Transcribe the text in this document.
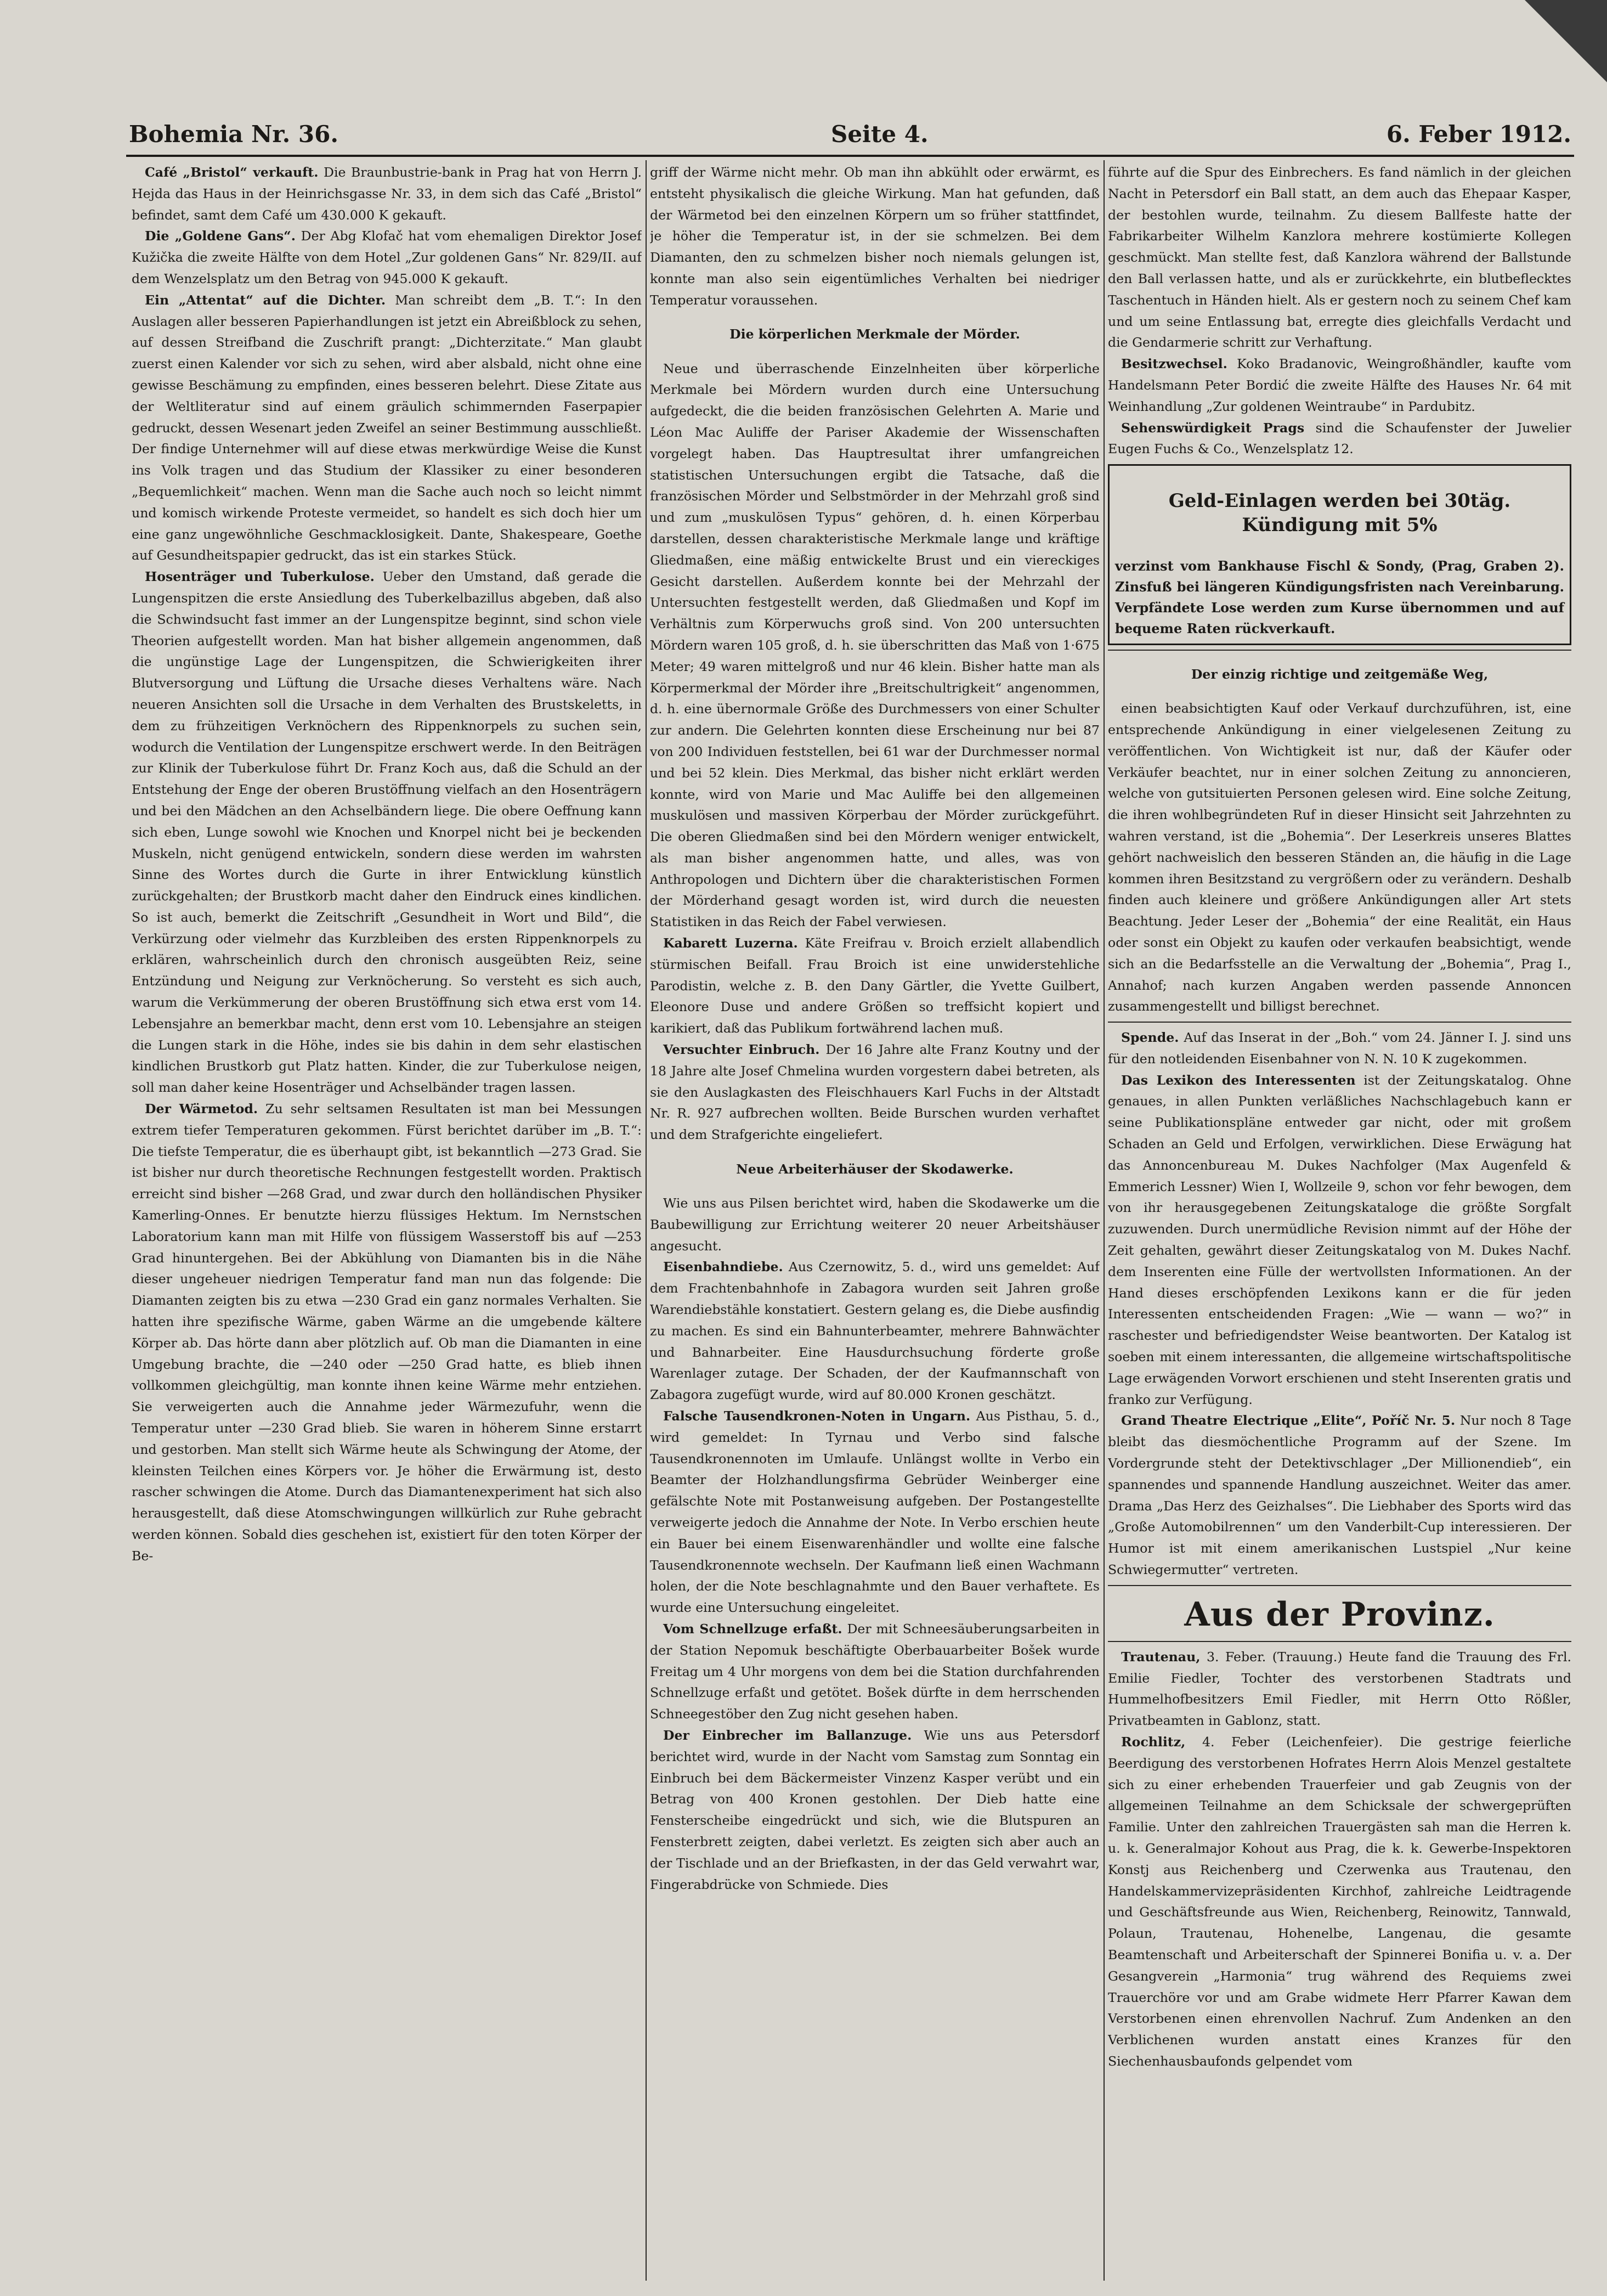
Bohemia Nr. 36.	Seite 4.	6. Feber 1912.

Café „Bristol“ verkauft. Die Braunbustrie-bank in Prag hat von Herrn J. Hejda das Haus in der Heinrichsgasse Nr. 33, in dem sich das Café „Bristol“ befindet, samt dem Café um 430.000 K gekauft.

Die „Goldene Gans“. Der Abg Klofač hat vom ehemaligen Direktor Josef Kužička die zweite Hälfte von dem Hotel „Zur goldenen Gans“ Nr. 829/II. auf dem Wenzelsplatz um den Betrag von 945.000 K gekauft.

Ein „Attentat“ auf die Dichter. Man schreibt dem „B. T.“: In den Auslagen aller besseren Papierhandlungen ist jetzt ein Abreißblock zu sehen, auf dessen Streifband die Zuschrift prangt: „Dichterzitate.“ Man glaubt zuerst einen Kalender vor sich zu sehen, wird aber alsbald, nicht ohne eine gewisse Beschämung zu empfinden, eines besseren belehrt. Diese Zitate aus der Weltliteratur sind auf einem gräulich schimmernden Faserpapier gedruckt, dessen Wesenart jeden Zweifel an seiner Bestimmung ausschließt. Der findige Unternehmer will auf diese etwas merkwürdige Weise die Kunst ins Volk tragen und das Studium der Klassiker zu einer besonderen „Bequemlichkeit“ machen. Wenn man die Sache auch noch so leicht nimmt und komisch wirkende Proteste vermeidet, so handelt es sich doch hier um eine ganz ungewöhnliche Geschmacklosigkeit. Dante, Shakespeare, Goethe auf Gesundheitspapier gedruckt, das ist ein starkes Stück.

Hosenträger und Tuberkulose. Ueber den Umstand, daß gerade die Lungenspitzen die erste Ansiedlung des Tuberkelbazillus abgeben, daß also die Schwindsucht fast immer an der Lungenspitze beginnt, sind schon viele Theorien aufgestellt worden. Man hat bisher allgemein angenommen, daß die ungünstige Lage der Lungenspitzen, die Schwierigkeiten ihrer Blutversorgung und Lüftung die Ursache dieses Verhaltens wäre. Nach neueren Ansichten soll die Ursache in dem Verhalten des Brustskeletts, in dem zu frühzeitigen Verknöchern des Rippenknorpels zu suchen sein, wodurch die Ventilation der Lungenspitze erschwert werde. In den Beiträgen zur Klinik der Tuberkulose führt Dr. Franz Koch aus, daß die Schuld an der Entstehung der Enge der oberen Brustöffnung vielfach an den Hosenträgern und bei den Mädchen an den Achselbändern liege. Die obere Oeffnung kann sich eben, Lunge sowohl wie Knochen und Knorpel nicht bei je beckenden Muskeln, nicht genügend entwickeln, sondern diese werden im wahrsten Sinne des Wortes durch die Gurte in ihrer Entwicklung künstlich zurückgehalten; der Brustkorb macht daher den Eindruck eines kindlichen. So ist auch, bemerkt die Zeitschrift „Gesundheit in Wort und Bild“, die Verkürzung oder vielmehr das Kurzbleiben des ersten Rippenknorpels zu erklären, wahrscheinlich durch den chronisch ausgeübten Reiz, seine Entzündung und Neigung zur Verknöcherung. So versteht es sich auch, warum die Verkümmerung der oberen Brustöffnung sich etwa erst vom 14. Lebensjahre an bemerkbar macht, denn erst vom 10. Lebensjahre an steigen die Lungen stark in die Höhe, indes sie bis dahin in dem sehr elastischen kindlichen Brustkorb gut Platz hatten. Kinder, die zur Tuberkulose neigen, soll man daher keine Hosenträger und Achselbänder tragen lassen.

Der Wärmetod. Zu sehr seltsamen Resultaten ist man bei Messungen extrem tiefer Temperaturen gekommen. Fürst berichtet darüber im „B. T.“: Die tiefste Temperatur, die es überhaupt gibt, ist bekanntlich —273 Grad. Sie ist bisher nur durch theoretische Rechnungen festgestellt worden. Praktisch erreicht sind bisher —268 Grad, und zwar durch den holländischen Physiker Kamerling-Onnes. Er benutzte hierzu flüssiges Hektum. Im Nernstschen Laboratorium kann man mit Hilfe von flüssigem Wasserstoff bis auf —253 Grad hinuntergehen. Bei der Abkühlung von Diamanten bis in die Nähe dieser ungeheuer niedrigen Temperatur fand man nun das folgende: Die Diamanten zeigten bis zu etwa —230 Grad ein ganz normales Verhalten. Sie hatten ihre spezifische Wärme, gaben Wärme an die umgebende kältere Körper ab. Das hörte dann aber plötzlich auf. Ob man die Diamanten in eine Umgebung brachte, die —240 oder —250 Grad hatte, es blieb ihnen vollkommen gleichgültig, man konnte ihnen keine Wärme mehr entziehen. Sie verweigerten auch die Annahme jeder Wärmezufuhr, wenn die Temperatur unter —230 Grad blieb. Sie waren in höherem Sinne erstarrt und gestorben. Man stellt sich Wärme heute als Schwingung der Atome, der kleinsten Teilchen eines Körpers vor. Je höher die Erwärmung ist, desto rascher schwingen die Atome. Durch das Diamantenexperiment hat sich also herausgestellt, daß diese Atomschwingungen willkürlich zur Ruhe gebracht werden können. Sobald dies geschehen ist, existiert für den toten Körper der Be-

griff der Wärme nicht mehr. Ob man ihn abkühlt oder erwärmt, es entsteht physikalisch die gleiche Wirkung. Man hat gefunden, daß der Wärmetod bei den einzelnen Körpern um so früher stattfindet, je höher die Temperatur ist, in der sie schmelzen. Bei dem Diamanten, den zu schmelzen bisher noch niemals gelungen ist, konnte man also sein eigentümliches Verhalten bei niedriger Temperatur voraussehen.

Die körperlichen Merkmale der Mörder.

Neue und überraschende Einzelnheiten über körperliche Merkmale bei Mördern wurden durch eine Untersuchung aufgedeckt, die die beiden französischen Gelehrten A. Marie und Léon Mac Auliffe der Pariser Akademie der Wissenschaften vorgelegt haben. Das Hauptresultat ihrer umfangreichen statistischen Untersuchungen ergibt die Tatsache, daß die französischen Mörder und Selbstmörder in der Mehrzahl groß sind und zum „muskulösen Typus“ gehören, d. h. einen Körperbau darstellen, dessen charakteristische Merkmale lange und kräftige Gliedmaßen, eine mäßig entwickelte Brust und ein viereckiges Gesicht darstellen. Außerdem konnte bei der Mehrzahl der Untersuchten festgestellt werden, daß Gliedmaßen und Kopf im Verhältnis zum Körperwuchs groß sind. Von 200 untersuchten Mördern waren 105 groß, d. h. sie überschritten das Maß von 1·675 Meter; 49 waren mittelgroß und nur 46 klein. Bisher hatte man als Körpermerkmal der Mörder ihre „Breitschultrigkeit“ angenommen, d. h. eine übernormale Größe des Durchmessers von einer Schulter zur andern. Die Gelehrten konnten diese Erscheinung nur bei 87 von 200 Individuen feststellen, bei 61 war der Durchmesser normal und bei 52 klein. Dies Merkmal, das bisher nicht erklärt werden konnte, wird von Marie und Mac Auliffe bei den allgemeinen muskulösen und massiven Körperbau der Mörder zurückgeführt. Die oberen Gliedmaßen sind bei den Mördern weniger entwickelt, als man bisher angenommen hatte, und alles, was von Anthropologen und Dichtern über die charakteristischen Formen der Mörderhand gesagt worden ist, wird durch die neuesten Statistiken in das Reich der Fabel verwiesen.

Kabarett Luzerna. Käte Freifrau v. Broich erzielt allabendlich stürmischen Beifall. Frau Broich ist eine unwiderstehliche Parodistin, welche z. B. den Dany Gärtler, die Yvette Guilbert, Eleonore Duse und andere Größen so treffsicht kopiert und karikiert, daß das Publikum fortwährend lachen muß.

Versuchter Einbruch. Der 16 Jahre alte Franz Koutny und der 18 Jahre alte Josef Chmelina wurden vorgestern dabei betreten, als sie den Auslagkasten des Fleischhauers Karl Fuchs in der Altstadt Nr. R. 927 aufbrechen wollten. Beide Burschen wurden verhaftet und dem Strafgerichte eingeliefert.

Neue Arbeiterhäuser der Skodawerke.

Wie uns aus Pilsen berichtet wird, haben die Skodawerke um die Baubewilligung zur Errichtung weiterer 20 neuer Arbeitshäuser angesucht.

Eisenbahndiebe. Aus Czernowitz, 5. d., wird uns gemeldet: Auf dem Frachtenbahnhofe in Zabagora wurden seit Jahren große Warendiebstähle konstatiert. Gestern gelang es, die Diebe ausfindig zu machen. Es sind ein Bahnunterbeamter, mehrere Bahnwächter und Bahnarbeiter. Eine Hausdurchsuchung förderte große Warenlager zutage. Der Schaden, der der Kaufmannschaft von Zabagora zugefügt wurde, wird auf 80.000 Kronen geschätzt.

Falsche Tausendkronen-Noten in Ungarn. Aus Pisthau, 5. d., wird gemeldet: In Tyrnau und Verbo sind falsche Tausendkronennoten im Umlaufe. Unlängst wollte in Verbo ein Beamter der Holzhandlungsfirma Gebrüder Weinberger eine gefälschte Note mit Postanweisung aufgeben. Der Postangestellte verweigerte jedoch die Annahme der Note. In Verbo erschien heute ein Bauer bei einem Eisenwarenhändler und wollte eine falsche Tausendkronennote wechseln. Der Kaufmann ließ einen Wachmann holen, der die Note beschlagnahmte und den Bauer verhaftete. Es wurde eine Untersuchung eingeleitet.

Vom Schnellzuge erfaßt. Der mit Schneesäuberungsarbeiten in der Station Nepomuk beschäftigte Oberbauarbeiter Bošek wurde Freitag um 4 Uhr morgens von dem bei die Station durchfahrenden Schnellzuge erfaßt und getötet. Bošek dürfte in dem herrschenden Schneegestöber den Zug nicht gesehen haben.

Der Einbrecher im Ballanzuge. Wie uns aus Petersdorf berichtet wird, wurde in der Nacht vom Samstag zum Sonntag ein Einbruch bei dem Bäckermeister Vinzenz Kasper verübt und ein Betrag von 400 Kronen gestohlen. Der Dieb hatte eine Fensterscheibe eingedrückt und sich, wie die Blutspuren an Fensterbrett zeigten, dabei verletzt. Es zeigten sich aber auch an der Tischlade und an der Briefkasten, in der das Geld verwahrt war, Fingerabdrücke von Schmiede. Dies

führte auf die Spur des Einbrechers. Es fand nämlich in der gleichen Nacht in Petersdorf ein Ball statt, an dem auch das Ehepaar Kasper, der bestohlen wurde, teilnahm. Zu diesem Ballfeste hatte der Fabrikarbeiter Wilhelm Kanzlora mehrere kostümierte Kollegen geschmückt. Man stellte fest, daß Kanzlora während der Ballstunde den Ball verlassen hatte, und als er zurückkehrte, ein blutbeflecktes Taschentuch in Händen hielt. Als er gestern noch zu seinem Chef kam und um seine Entlassung bat, erregte dies gleichfalls Verdacht und die Gendarmerie schritt zur Verhaftung.

Besitzwechsel. Koko Bradanovic, Weingroßhändler, kaufte vom Handelsmann Peter Bordić die zweite Hälfte des Hauses Nr. 64 mit Weinhandlung „Zur goldenen Weintraube“ in Pardubitz.

Sehenswürdigkeit Prags sind die Schaufenster der Juwelier Eugen Fuchs & Co., Wenzelsplatz 12.

Geld-Einlagen werden bei 30täg. Kündigung mit 5%

verzinst vom Bankhause Fischl & Sondy, (Prag, Graben 2). Zinsfuß bei längeren Kündigungsfristen nach Vereinbarung. Verpfändete Lose werden zum Kurse übernommen und auf bequeme Raten rückverkauft.

Der einzig richtige und zeitgemäße Weg,

einen beabsichtigten Kauf oder Verkauf durchzuführen, ist, eine entsprechende Ankündigung in einer vielgelesenen Zeitung zu veröffentlichen. Von Wichtigkeit ist nur, daß der Käufer oder Verkäufer beachtet, nur in einer solchen Zeitung zu annoncieren, welche von gutsituierten Personen gelesen wird. Eine solche Zeitung, die ihren wohlbegründeten Ruf in dieser Hinsicht seit Jahrzehnten zu wahren verstand, ist die „Bohemia“. Der Leserkreis unseres Blattes gehört nachweislich den besseren Ständen an, die häufig in die Lage kommen ihren Besitzstand zu vergrößern oder zu verändern. Deshalb finden auch kleinere und größere Ankündigungen aller Art stets Beachtung. Jeder Leser der „Bohemia“ der eine Realität, ein Haus oder sonst ein Objekt zu kaufen oder verkaufen beabsichtigt, wende sich an die Bedarfsstelle an die Verwaltung der „Bohemia“, Prag I., Annahof; nach kurzen Angaben werden passende Annoncen zusammengestellt und billigst berechnet.

Spende. Auf das Inserat in der „Boh.“ vom 24. Jänner I. J. sind uns für den notleidenden Eisenbahner von N. N. 10 K zugekommen.

Das Lexikon des Interessenten ist der Zeitungskatalog. Ohne genaues, in allen Punkten verläßliches Nachschlagebuch kann er seine Publikationspläne entweder gar nicht, oder mit großem Schaden an Geld und Erfolgen, verwirklichen. Diese Erwägung hat das Annoncenbureau M. Dukes Nachfolger (Max Augenfeld & Emmerich Lessner) Wien I, Wollzeile 9, schon vor fehr bewogen, dem von ihr herausgegebenen Zeitungskataloge die größte Sorgfalt zuzuwenden. Durch unermüdliche Revision nimmt auf der Höhe der Zeit gehalten, gewährt dieser Zeitungskatalog von M. Dukes Nachf. dem Inserenten eine Fülle der wertvollsten Informationen. An der Hand dieses erschöpfenden Lexikons kann er die für jeden Interessenten entscheidenden Fragen: „Wie — wann — wo?“ in raschester und befriedigendster Weise beantworten. Der Katalog ist soeben mit einem interessanten, die allgemeine wirtschaftspolitische Lage erwägenden Vorwort erschienen und steht Inserenten gratis und franko zur Verfügung.

Grand Theatre Electrique „Elite“, Poříč Nr. 5. Nur noch 8 Tage bleibt das diesmöchentliche Programm auf der Szene. Im Vordergrunde steht der Detektivschlager „Der Millionendieb“, ein spannendes und spannende Handlung auszeichnet. Weiter das amer. Drama „Das Herz des Geizhalses“. Die Liebhaber des Sports wird das „Große Automobilrennen“ um den Vanderbilt-Cup interessieren. Der Humor ist mit einem amerikanischen Lustspiel „Nur keine Schwiegermutter“ vertreten.

Aus der Provinz.

Trautenau, 3. Feber. (Trauung.) Heute fand die Trauung des Frl. Emilie Fiedler, Tochter des verstorbenen Stadtrats und Hummelhofbesitzers Emil Fiedler, mit Herrn Otto Rößler, Privatbeamten in Gablonz, statt.

Rochlitz, 4. Feber (Leichenfeier). Die gestrige feierliche Beerdigung des verstorbenen Hofrates Herrn Alois Menzel gestaltete sich zu einer erhebenden Trauerfeier und gab Zeugnis von der allgemeinen Teilnahme an dem Schicksale der schwergeprüften Familie. Unter den zahlreichen Trauergästen sah man die Herren k. u. k. Generalmajor Kohout aus Prag, die k. k. Gewerbe-Inspektoren Konstj aus Reichenberg und Czerwenka aus Trautenau, den Handelskammervizepräsidenten Kirchhof, zahlreiche Leidtragende und Geschäftsfreunde aus Wien, Reichenberg, Reinowitz, Tannwald, Polaun, Trautenau, Hohenelbe, Langenau, die gesamte Beamtenschaft und Arbeiterschaft der Spinnerei Bonifia u. v. a. Der Gesangverein „Harmonia“ trug während des Requiems zwei Trauerchöre vor und am Grabe widmete Herr Pfarrer Kawan dem Verstorbenen einen ehrenvollen Nachruf. Zum Andenken an den Verblichenen wurden anstatt eines Kranzes für den Siechenhausbaufonds gelpendet vom
